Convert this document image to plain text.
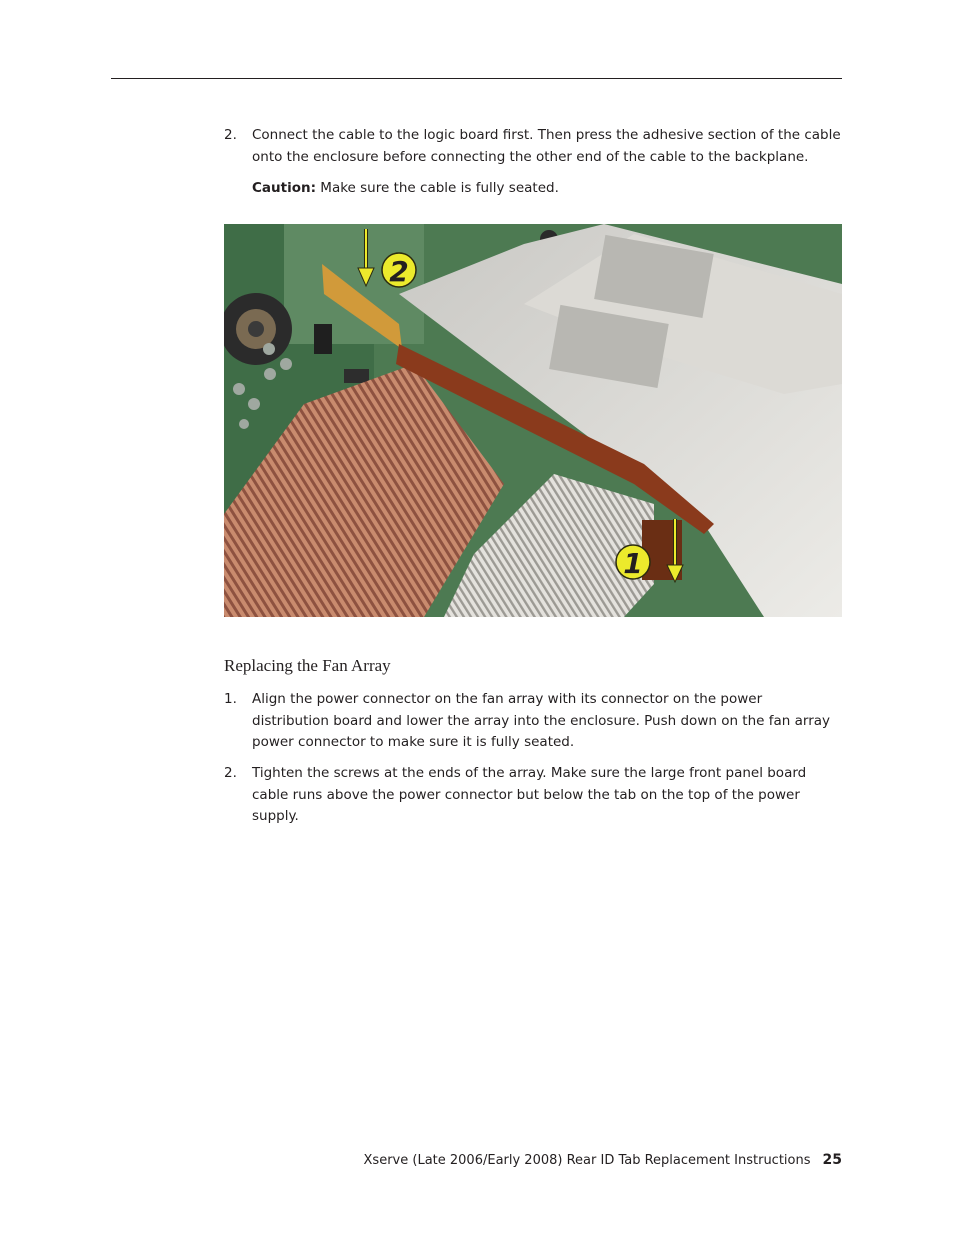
2. Connect the cable to the logic board first. Then press the adhesive section of the cable onto the enclosure before connecting the other end of the cable to the backplane.
Caution: Make sure the cable is fully seated.
2
1
Replacing the Fan Array
1. Align the power connector on the fan array with its connector on the power distribution board and lower the array into the enclosure. Push down on the fan array power connector to make sure it is fully seated.
2. Tighten the screws at the ends of the array. Make sure the large front panel board cable runs above the power connector but below the tab on the top of the power supply.
Xserve (Late 2006/Early 2008) Rear ID Tab Replacement Instructions 25
